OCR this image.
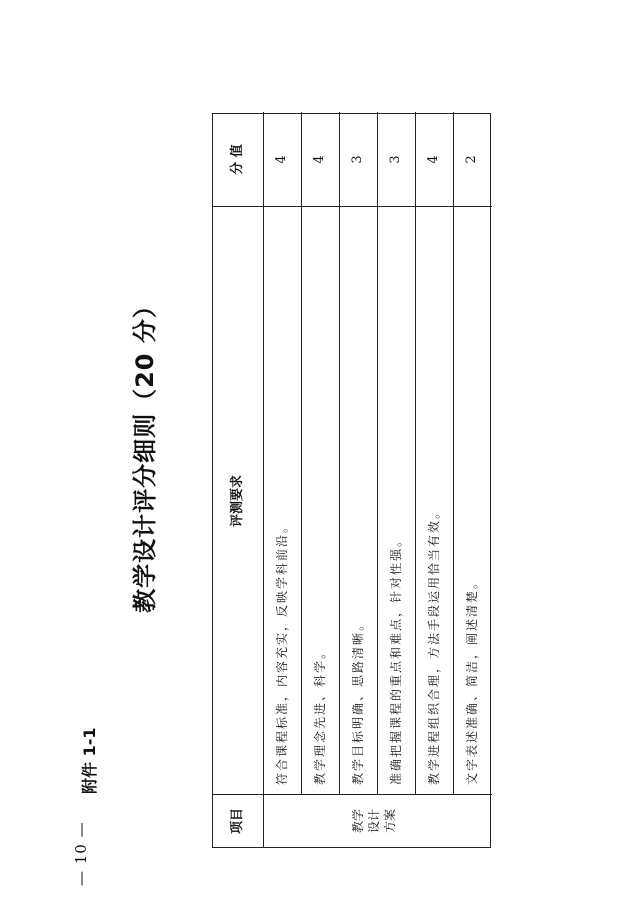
— 10 —
附件 1-1
教学设计评分细则（20 分）
项目
评测要求
分 值
教学 设计 方案
符合课程标准，内容充实，反映学科前沿。
4
教学理念先进、科学。
4
教学目标明确、思路清晰。
3
准确把握课程的重点和难点，针对性强。
3
教学进程组织合理，方法手段运用恰当有效。
4
文字表述准确、简洁，阐述清楚。
2
